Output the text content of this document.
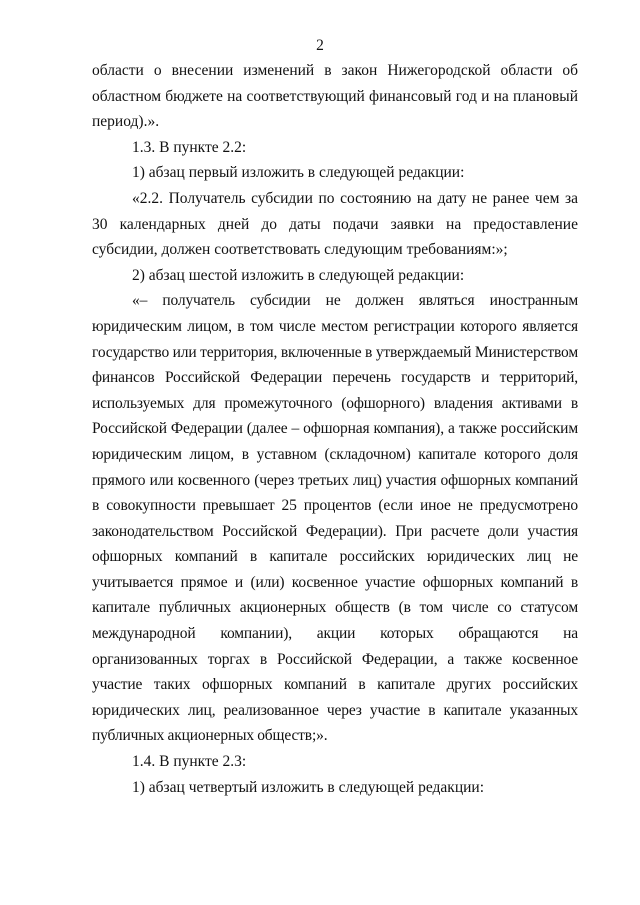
2

области о внесении изменений в закон Нижегородской области об областном бюджете на соответствующий финансовый год и на плановый период).».

1.3. В пункте 2.2:

1) абзац первый изложить в следующей редакции:

«2.2. Получатель субсидии по состоянию на дату не ранее чем за 30 календарных дней до даты подачи заявки на предоставление субсидии, должен соответствовать следующим требованиям:»;

2) абзац шестой изложить в следующей редакции:

«– получатель субсидии не должен являться иностранным юридическим лицом, в том числе местом регистрации которого является государство или территория, включенные в утверждаемый Министерством финансов Российской Федерации перечень государств и территорий, используемых для промежуточного (офшорного) владения активами в Российской Федерации (далее – офшорная компания), а также российским юридическим лицом, в уставном (складочном) капитале которого доля прямого или косвенного (через третьих лиц) участия офшорных компаний в совокупности превышает 25 процентов (если иное не предусмотрено законодательством Российской Федерации). При расчете доли участия офшорных компаний в капитале российских юридических лиц не учитывается прямое и (или) косвенное участие офшорных компаний в капитале публичных акционерных обществ (в том числе со статусом международной компании), акции которых обращаются на организованных торгах в Российской Федерации, а также косвенное участие таких офшорных компаний в капитале других российских юридических лиц, реализованное через участие в капитале указанных публичных акционерных обществ;».

1.4. В пункте 2.3:

1) абзац четвертый изложить в следующей редакции:
